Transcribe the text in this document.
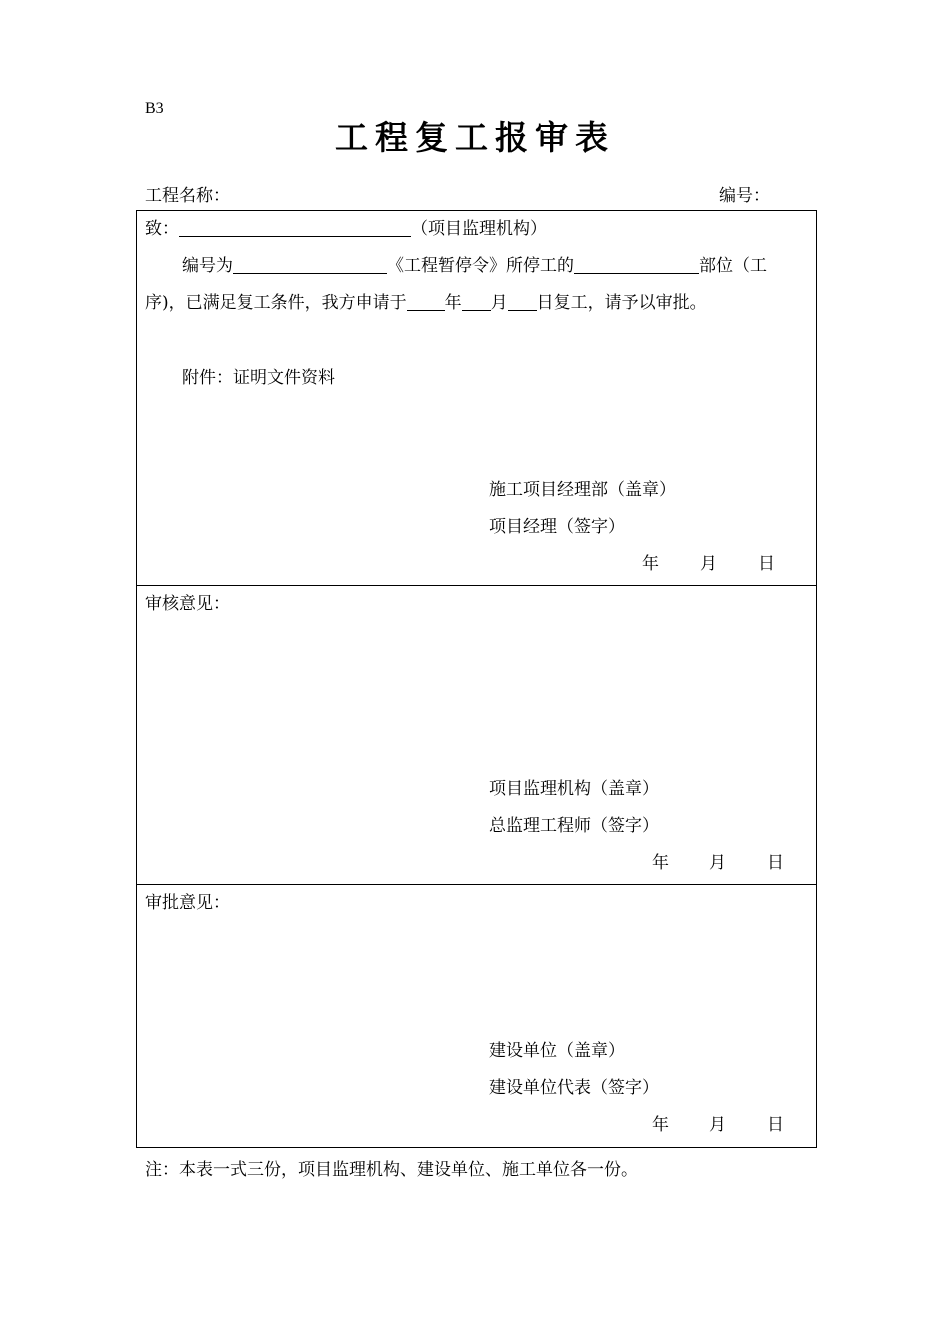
B3
工程复工报审表
工程名称：	编号：
致：	（项目监理机构）
编号为	《工程暂停令》所停工的	部位（工
序)，已满足复工条件，我方申请于 年 月 日复工，请予以审批。
附件：证明文件资料
施工项目经理部（盖章）
项目经理（签字）
年 月 日
审核意见：
项目监理机构（盖章）
总监理工程师（签字）
年 月 日
审批意见：
建设单位（盖章）
建设单位代表（签字）
年 月 日
注：本表一式三份，项目监理机构、建设单位、施工单位各一份。
